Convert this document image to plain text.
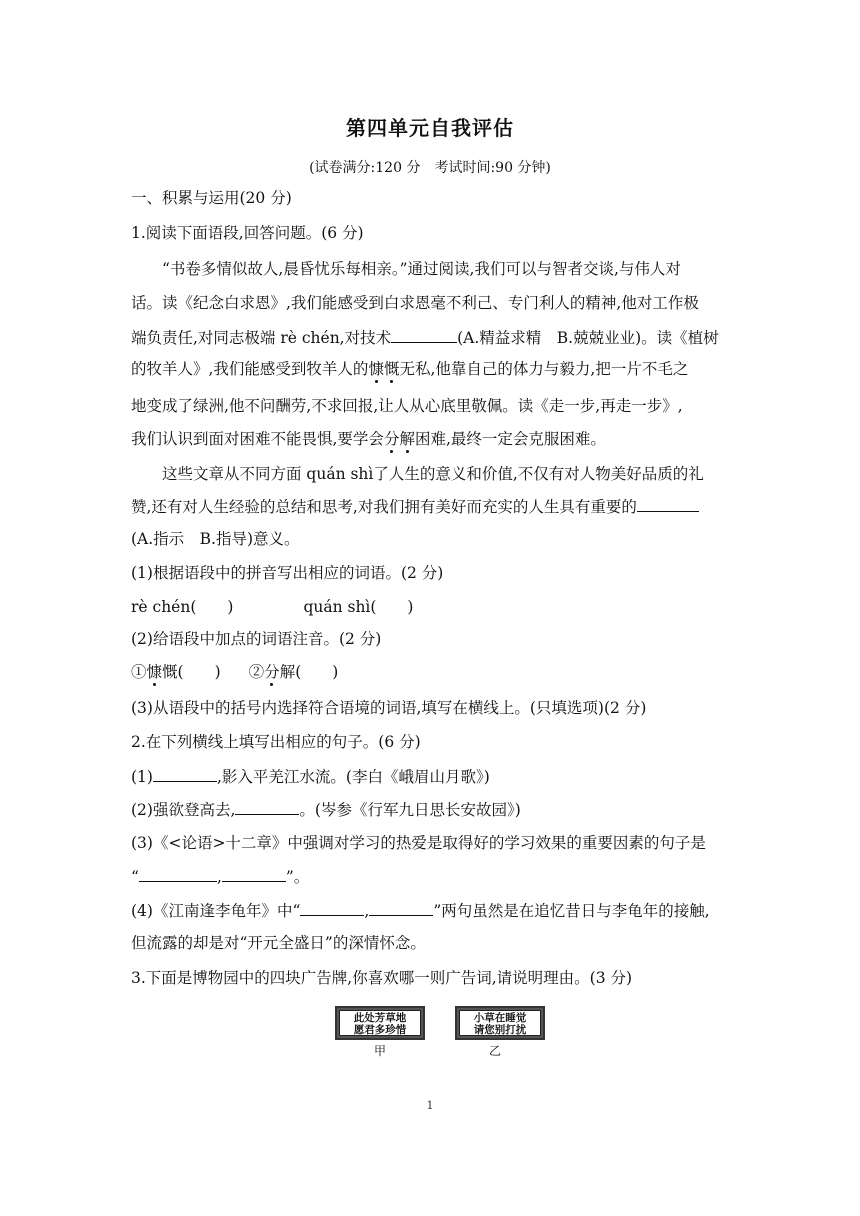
第四单元自我评估
(试卷满分:120 分　考试时间:90 分钟)
一、积累与运用(20 分)
1.阅读下面语段,回答问题。(6 分)
“书卷多情似故人,晨昏忧乐每相亲。”通过阅读,我们可以与智者交谈,与伟人对
话。读《纪念白求恩》,我们能感受到白求恩毫不利己、专门利人的精神,他对工作极
端负责任,对同志极端 rè chén,对技术	(A.精益求精　B.兢兢业业)。读《植树
的牧羊人》,我们能感受到牧羊人的慷慨无私,他靠自己的体力与毅力,把一片不毛之
地变成了绿洲,他不问酬劳,不求回报,让人从心底里敬佩。读《走一步,再走一步》,
我们认识到面对困难不能畏惧,要学会分解困难,最终一定会克服困难。
这些文章从不同方面 quán shì了人生的意义和价值,不仅有对人物美好品质的礼
赞,还有对人生经验的总结和思考,对我们拥有美好而充实的人生具有重要的
(A.指示　B.指导)意义。
(1)根据语段中的拼音写出相应的词语。(2 分)
rè chén(　　)	quán shì(　　)
(2)给语段中加点的词语注音。(2 分)
①慷慨(　　) ②分解(　　)
(3)从语段中的括号内选择符合语境的词语,填写在横线上。(只填选项)(2 分)
2.在下列横线上填写出相应的句子。(6 分)
(1)	,影入平羌江水流。(李白《峨眉山月歌》)
(2)强欲登高去,	。(岑参《行军九日思长安故园》)
(3)《<论语>十二章》中强调对学习的热爱是取得好的学习效果的重要因素的句子是
“	,	”。
(4)《江南逢李龟年》中“	,	”两句虽然是在追忆昔日与李龟年的接触,
但流露的却是对“开元全盛日”的深情怀念。
3.下面是博物园中的四块广告牌,你喜欢哪一则广告词,请说明理由。(3 分)
此处芳草地
愿君多珍惜
甲
小草在睡觉
请您别打扰
乙
1
